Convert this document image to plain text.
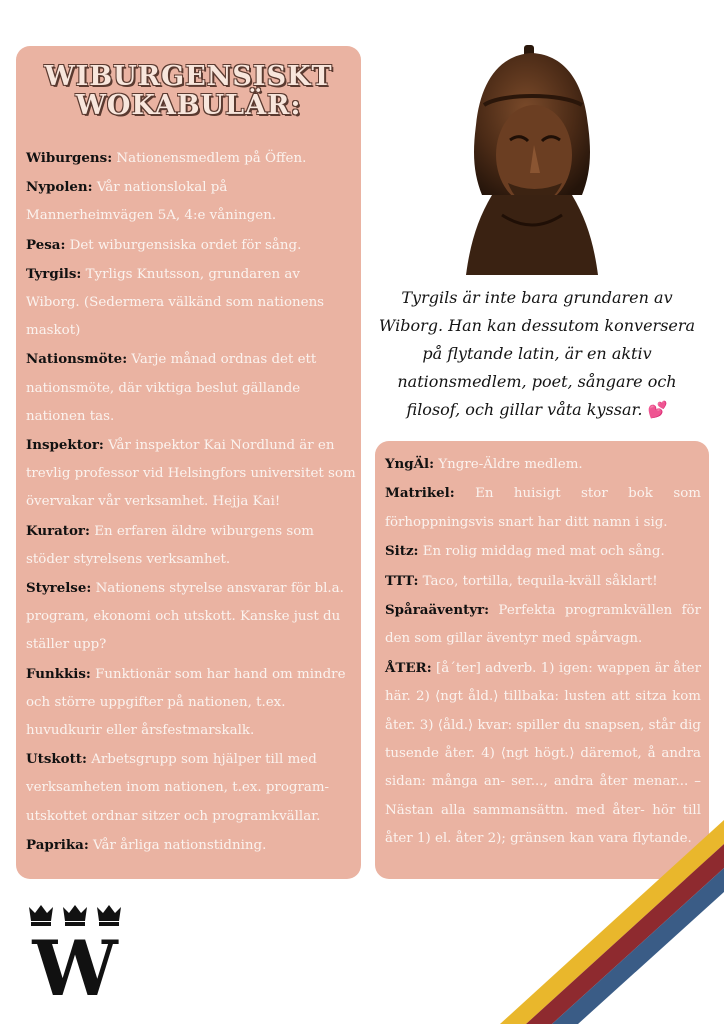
WIBURGENSISKT
WOKABULÄR:

Wiburgens: Nationensmedlem på Öffen.

Nypolen: Vår nationslokal på Mannerheimvägen 5A, 4:e våningen.

Pesa: Det wiburgensiska ordet för sång.

Tyrgils: Tyrligs Knutsson, grundaren av Wiborg. (Sedermera välkänd som nationens maskot)

Nationsmöte: Varje månad ordnas det ett nationsmöte, där viktiga beslut gällande nationen tas.

Inspektor: Vår inspektor Kai Nordlund är en trevlig professor vid Helsingfors universitet som övervakar vår verksamhet. Hejja Kai!

Kurator: En erfaren äldre wiburgens som stöder styrelsens verksamhet.

Styrelse: Nationens styrelse ansvarar för bl.a. program, ekonomi och utskott. Kanske just du ställer upp?

Funkkis: Funktionär som har hand om mindre och större uppgifter på nationen, t.ex. huvudkurir eller årsfestmarskalk.

Utskott: Arbetsgrupp som hjälper till med verksamheten inom nationen, t.ex. program- utskottet ordnar sitzer och programkvällar.

Paprika: Vår årliga nationstidning.

Tyrgils är inte bara grundaren av Wiborg. Han kan dessutom konversera på flytande latin, är en aktiv nationsmedlem, poet, sångare och filosof, och gillar våta kyssar. 💕

YngÄl: Yngre-Äldre medlem.

Matrikel: En huisigt stor bok som förhoppningsvis snart har ditt namn i sig.

Sitz: En rolig middag med mat och sång.

TTT: Taco, tortilla, tequila-kväll såklart!

Spåraäventyr: Perfekta programkvällen för den som gillar äventyr med spårvagn.

ÅTER: [å´ter] adverb. 1) igen: wappen är åter här. 2) ⟨ngt åld.⟩ tillbaka: lusten att sitza kom åter. 3) ⟨åld.⟩ kvar: spiller du snapsen, står dig tusende åter. 4) ⟨ngt högt.⟩ däremot, å andra sidan: många an- ser..., andra åter menar... – Nästan alla sammansättn. med åter- hör till åter 1) el. åter 2); gränsen kan vara flytande.

W
